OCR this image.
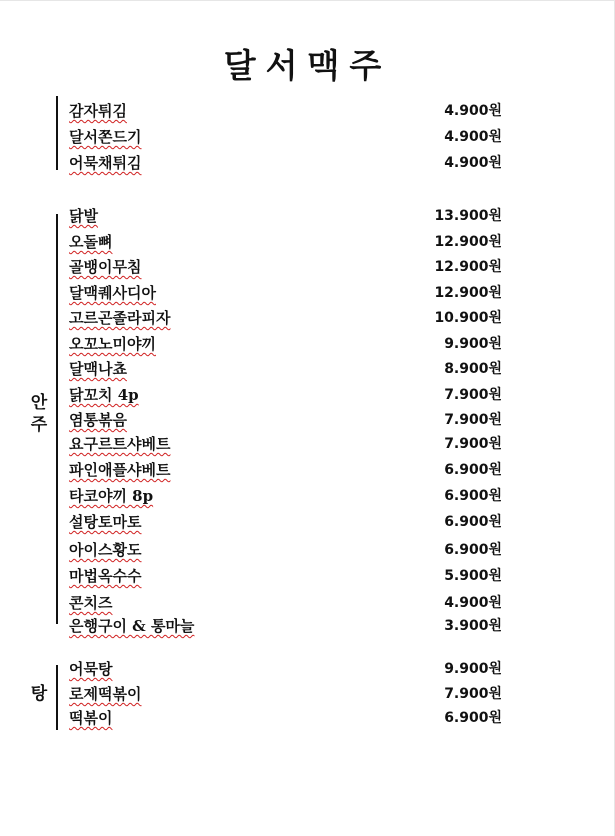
달서맥주
감자튀김	4.900원
달서쫀드기	4.900원
어묵채튀김	4.900원
안주
닭발	13.900원
오돌뼈	12.900원
골뱅이무침	12.900원
달맥퀘사디아	12.900원
고르곤졸라피자	10.900원
오꼬노미야끼	9.900원
달맥나쵸	8.900원
닭꼬치 4p	7.900원
염통볶음	7.900원
요구르트샤베트	7.900원
파인애플샤베트	6.900원
타코야끼 8p	6.900원
설탕토마토	6.900원
아이스황도	6.900원
마법옥수수	5.900원
콘치즈	4.900원
은행구이 & 통마늘	3.900원
탕
어묵탕	9.900원
로제떡볶이	7.900원
떡볶이	6.900원
